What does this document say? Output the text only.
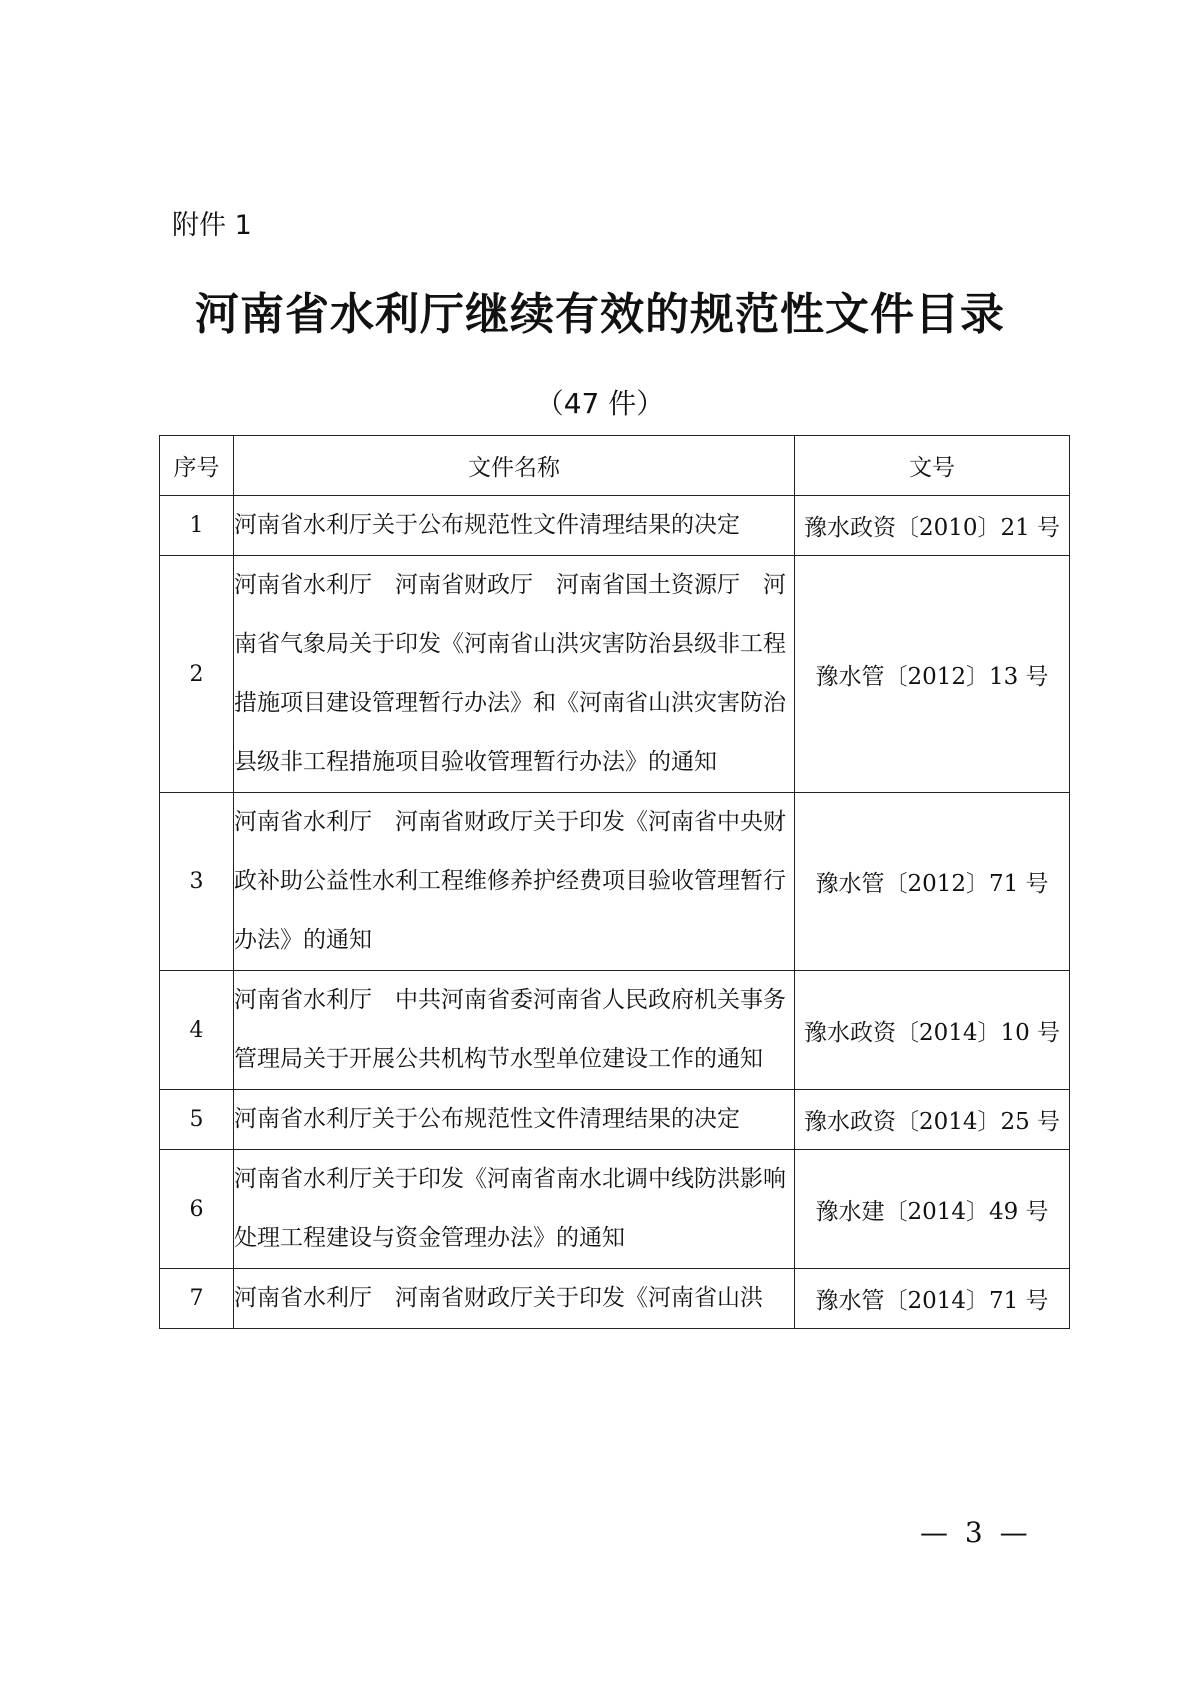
附件 1
河南省水利厅继续有效的规范性文件目录
（47 件）
序号	文件名称	文号
1	河南省水利厅关于公布规范性文件清理结果的决定	豫水政资〔2010〕21 号
2	河南省水利厅　河南省财政厅　河南省国土资源厅　河南省气象局关于印发《河南省山洪灾害防治县级非工程措施项目建设管理暂行办法》和《河南省山洪灾害防治县级非工程措施项目验收管理暂行办法》的通知	豫水管〔2012〕13 号
3	河南省水利厅　河南省财政厅关于印发《河南省中央财政补助公益性水利工程维修养护经费项目验收管理暂行办法》的通知	豫水管〔2012〕71 号
4	河南省水利厅　中共河南省委河南省人民政府机关事务管理局关于开展公共机构节水型单位建设工作的通知	豫水政资〔2014〕10 号
5	河南省水利厅关于公布规范性文件清理结果的决定	豫水政资〔2014〕25 号
6	河南省水利厅关于印发《河南省南水北调中线防洪影响处理工程建设与资金管理办法》的通知	豫水建〔2014〕49 号
7	河南省水利厅　河南省财政厅关于印发《河南省山洪	豫水管〔2014〕71 号
— 3 —
